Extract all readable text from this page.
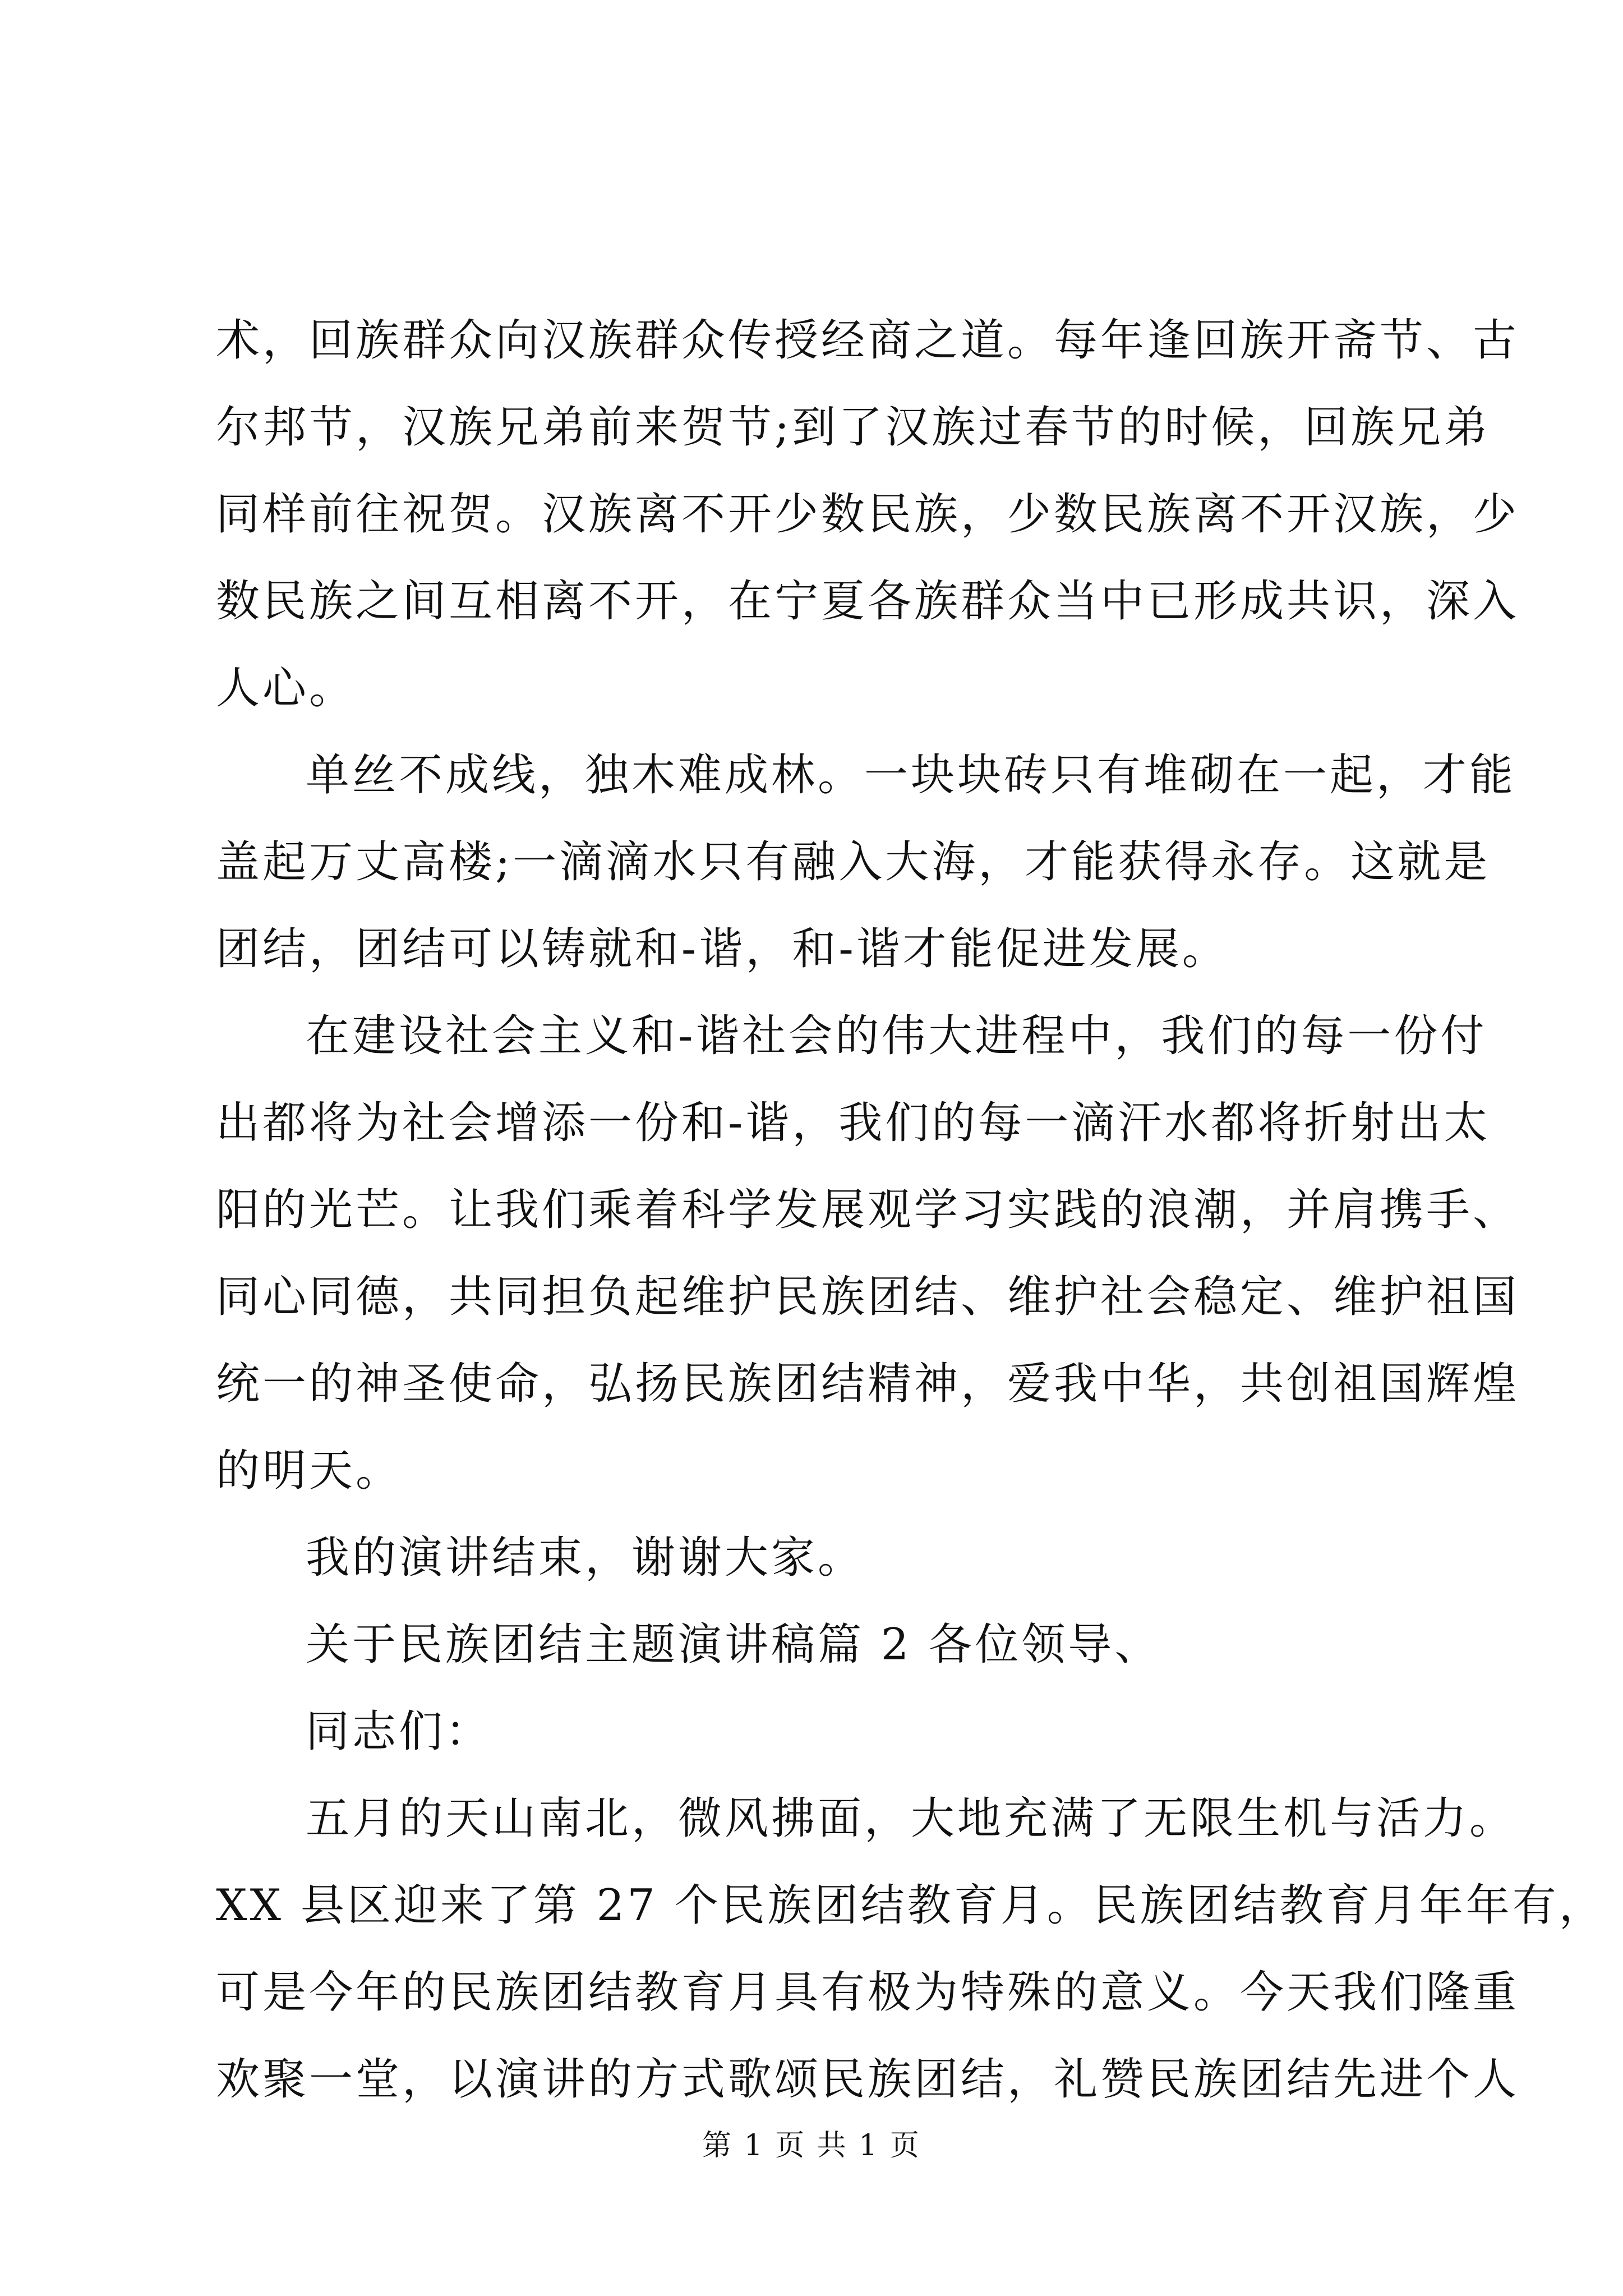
术，回族群众向汉族群众传授经商之道。每年逢回族开斋节、古
尔邦节，汉族兄弟前来贺节;到了汉族过春节的时候，回族兄弟
同样前往祝贺。汉族离不开少数民族，少数民族离不开汉族，少
数民族之间互相离不开，在宁夏各族群众当中已形成共识，深入
人心。
单丝不成线，独木难成林。一块块砖只有堆砌在一起，才能
盖起万丈高楼;一滴滴水只有融入大海，才能获得永存。这就是
团结，团结可以铸就和-谐，和-谐才能促进发展。
在建设社会主义和-谐社会的伟大进程中，我们的每一份付
出都将为社会增添一份和-谐，我们的每一滴汗水都将折射出太
阳的光芒。让我们乘着科学发展观学习实践的浪潮，并肩携手、
同心同德，共同担负起维护民族团结、维护社会稳定、维护祖国
统一的神圣使命，弘扬民族团结精神，爱我中华，共创祖国辉煌
的明天。
我的演讲结束，谢谢大家。
关于民族团结主题演讲稿篇 2 各位领导、
同志们：
五月的天山南北，微风拂面，大地充满了无限生机与活力。
XX 县区迎来了第 27 个民族团结教育月。民族团结教育月年年有，
可是今年的民族团结教育月具有极为特殊的意义。今天我们隆重
欢聚一堂，以演讲的方式歌颂民族团结，礼赞民族团结先进个人
第 1 页 共 1 页
